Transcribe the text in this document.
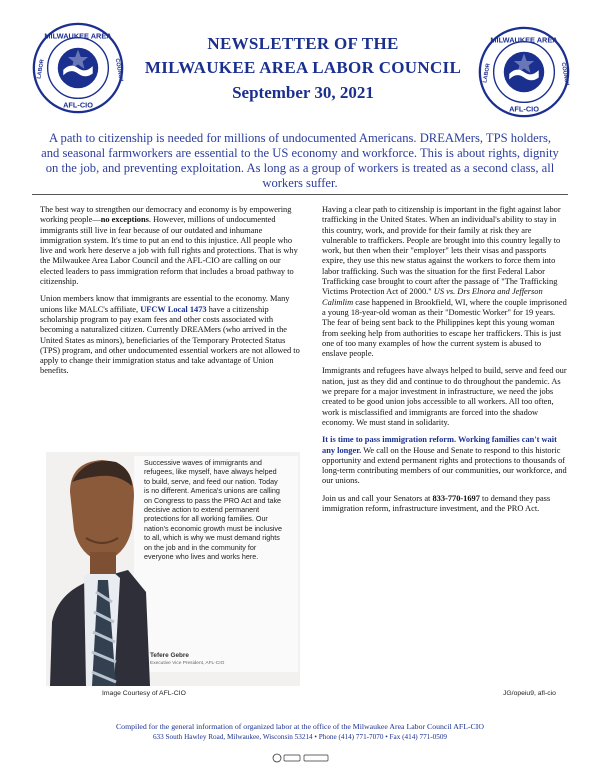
MILWAUKEE AREA
AFL-CIO
LABOR	COUNCIL
MILWAUKEE AREA
AFL-CIO
LABOR	COUNCIL
NEWSLETTER OF THE
MILWAUKEE AREA LABOR COUNCIL
September 30, 2021
A path to citizenship is needed for millions of undocumented Americans. DREAMers, TPS holders, and seasonal farmworkers are essential to the US economy and workforce. This is about rights, dignity on the job, and preventing exploitation. As long as a group of workers is treated as a second class, all workers suffer.

The best way to strengthen our democracy and economy is by empowering working people—no exceptions. However, millions of undocumented immigrants still live in fear because of our outdated and inhumane immigration system. It's time to put an end to this injustice. All people who live and work here deserve a job with full rights and protections. That is why the Milwaukee Area Labor Council and the AFL-CIO are calling on our elected leaders to pass immigration reform that includes a broad pathway to citizenship.

Union members know that immigrants are essential to the economy. Many unions like MALC's affiliate, UFCW Local 1473 have a citizenship scholarship program to pay exam fees and other costs associated with becoming a naturalized citizen. Currently DREAMers (who arrived in the United States as minors), beneficiaries of the Temporary Protected Status (TPS) program, and other undocumented essential workers are not allowed to apply to change their immigration status and take advantage of Union benefits.

Successive waves of immigrants and refugees, like myself, have always helped to build, serve, and feed our nation. Today is no different. America's unions are calling on Congress to pass the PRO Act and take decisive action to extend permanent protections for all working families. Our nation's economic growth must be inclusive to all, which is why we must demand rights on the job and in the community for everyone who lives and works here.
Tefere Gebre
Executive Vice President, AFL-CIO
Image Courtesy of AFL-CIO	JG/opeiu9, afl-cio

Having a clear path to citizenship is important in the fight against labor trafficking in the United States. When an individual's ability to stay in this country, work, and provide for their family at risk they are vulnerable to traffickers. People are brought into this country legally to work, but then when their "employer" lets their visas and passports expire, they use this new status against the workers to force them into labor trafficking. Such was the situation for the first Federal Labor Trafficking case brought to court after the passage of "The Trafficking Victims Protection Act of 2000." US vs. Drs Elnora and Jefferson Calimlim case happened in Brookfield, WI, where the couple imprisoned a young 18-year-old woman as their "Domestic Worker" for 19 years. The fear of being sent back to the Philippines kept this young woman from seeking help from authorities to escape her traffickers. This is just one of too many examples of how the current system is abused to enslave people.

Immigrants and refugees have always helped to build, serve and feed our nation, just as they did and continue to do throughout the pandemic. As we prepare for a major investment in infrastructure, we need the jobs created to be good union jobs accessible to all workers. All too often, work is misclassified and immigrants are forced into the shadow economy. We must stand in solidarity.

It is time to pass immigration reform. Working families can't wait any longer. We call on the House and Senate to respond to this historic opportunity and extend permanent rights and protections to thousands of long-term contributing members of our communities, our workforce, and our unions.

Join us and call your Senators at 833-770-1697 to demand they pass immigration reform, infrastructure investment, and the PRO Act.

Compiled for the general information of organized labor at the office of the Milwaukee Area Labor Council AFL-CIO
633 South Hawley Road, Milwaukee, Wisconsin 53214 • Phone (414) 771-7070 • Fax (414) 771-0509
